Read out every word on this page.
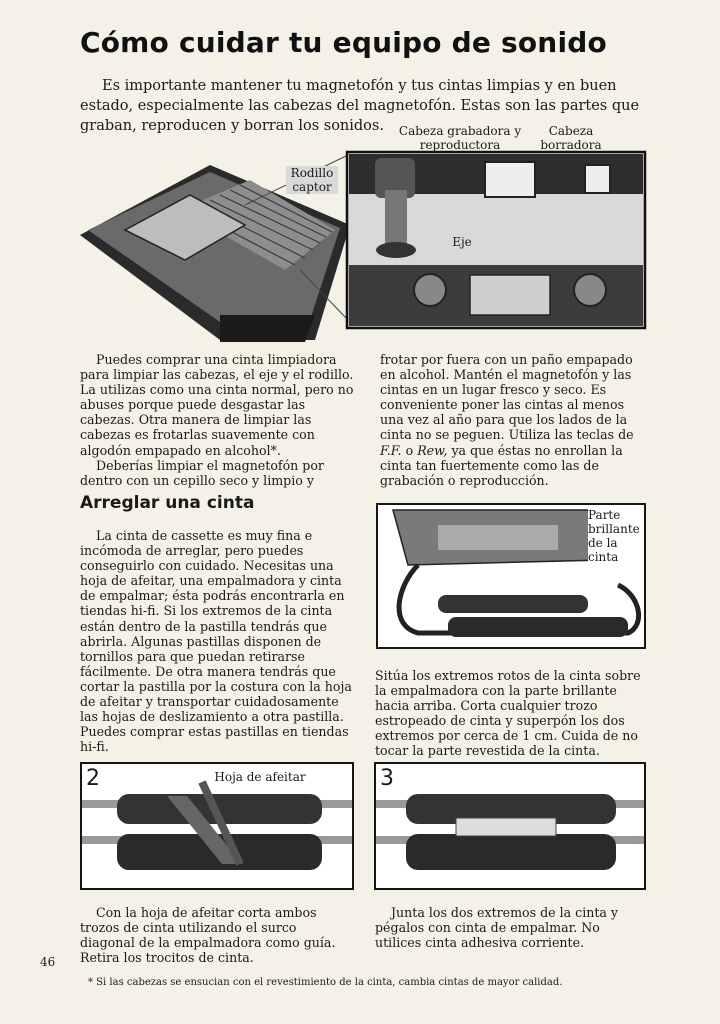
Cómo cuidar tu equipo de sonido
Es importante mantener tu magnetofón y tus cintas limpias y en buen estado, especialmente las cabezas del magnetofón. Estas son las partes que graban, reproducen y borran los sonidos.	Cabeza grabadora y reproductora
Cabeza borradora
Rodillo captor
Eje

Puedes comprar una cinta limpiadora para limpiar las cabezas, el eje y el rodillo. La utilizas como una cinta normal, pero no abuses porque puede desgastar las cabezas. Otra manera de limpiar las cabezas es frotarlas suavemente con algodón empapado en alcohol*.

Deberías limpiar el magnetofón por dentro con un cepillo seco y limpio y

frotar por fuera con un paño empapado en alcohol. Mantén el magnetofón y las cintas en un lugar fresco y seco. Es conveniente poner las cintas al menos una vez al año para que los lados de la cinta no se peguen. Utiliza las teclas de F.F. o Rew, ya que éstas no enrollan la cinta tan fuertemente como las de grabación o reproducción.

Arreglar una cinta

La cinta de cassette es muy fina e incómoda de arreglar, pero puedes conseguirlo con cuidado. Necesitas una hoja de afeitar, una empalmadora y cinta de empalmar; ésta podrás encontrarla en tiendas hi-fi. Si los extremos de la cinta están dentro de la pastilla tendrás que abrirla. Algunas pastillas disponen de tornillos para que puedan retirarse fácilmente. De otra manera tendrás que cortar la pastilla por la costura con la hoja de afeitar y transportar cuidadosamente las hojas de deslizamiento a otra pastilla. Puedes comprar estas pastillas en tiendas hi-fi.

Parte brillante de la cinta

Sitúa los extremos rotos de la cinta sobre la empalmadora con la parte brillante hacia arriba. Corta cualquier trozo estropeado de cinta y superpón los dos extremos por cerca de 1 cm. Cuida de no tocar la parte revestida de la cinta.

2	Hoja de afeitar	3

Con la hoja de afeitar corta ambos trozos de cinta utilizando el surco diagonal de la empalmadora como guía. Retira los trocitos de cinta.

Junta los dos extremos de la cinta y pégalos con cinta de empalmar. No utilices cinta adhesiva corriente.

46
* Si las cabezas se ensucian con el revestimiento de la cinta, cambia cintas de mayor calidad.
